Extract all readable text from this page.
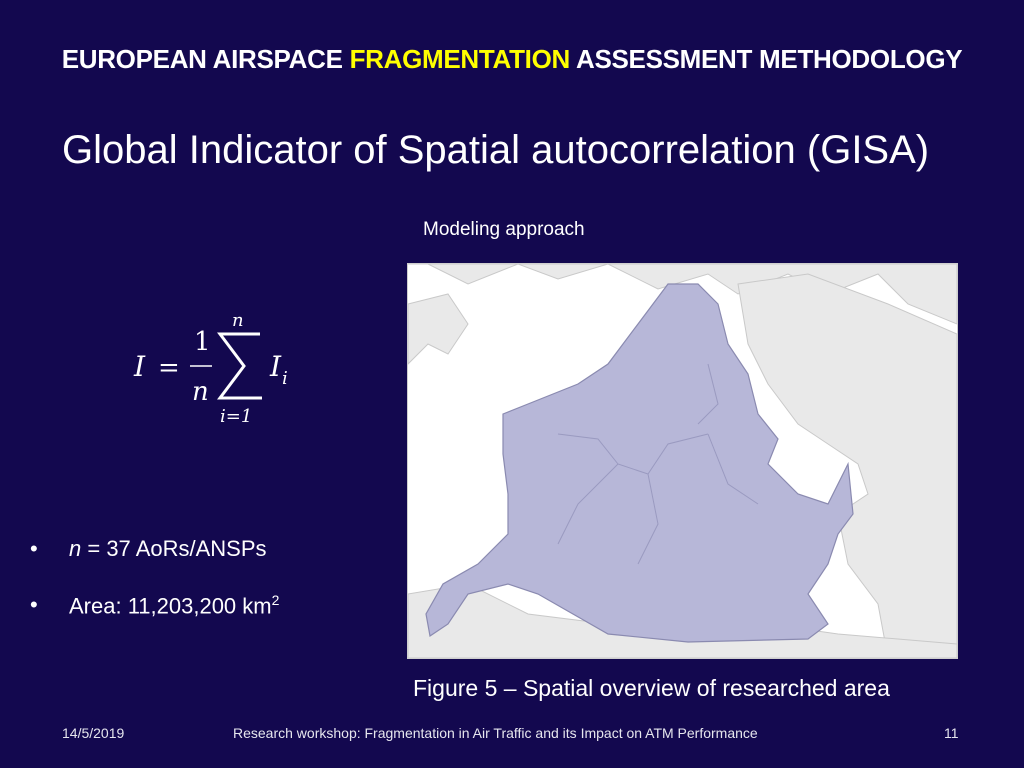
EUROPEAN AIRSPACE FRAGMENTATION ASSESSMENT METHODOLOGY
Global Indicator of Spatial autocorrelation (GISA)
Modeling approach
I =
1
n
n
i=1
I i
• n = 37 AoRs/ANSPs
• Area: 11,203,200 $km^2$
Figure 5 – Spatial overview of researched area
14/5/2019	Research workshop: Fragmentation in Air Traffic and its Impact on ATM Performance	11
